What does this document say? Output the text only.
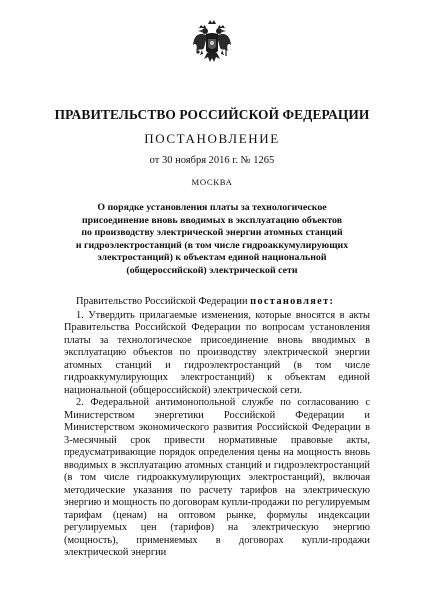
ПРАВИТЕЛЬСТВО РОССИЙСКОЙ ФЕДЕРАЦИИ
ПОСТАНОВЛЕНИЕ
от 30 ноября 2016 г. № 1265
МОСКВА
О порядке установления платы за технологическое
присоединение вновь вводимых в эксплуатацию объектов
по производству электрической энергии атомных станций
и гидроэлектростанций (в том числе гидроаккумулирующих
электростанций) к объектам единой национальной
(общероссийской) электрической сети

Правительство Российской Федерации постановляет:

1. Утвердить прилагаемые изменения, которые вносятся в акты Правительства Российской Федерации по вопросам установления платы за технологическое присоединение вновь вводимых в эксплуатацию объектов по производству электрической энергии атомных станций и гидроэлектростанций (в том числе гидроаккумулирующих электростанций) к объектам единой национальной (общероссийской) электрической сети.

2. Федеральной антимонопольной службе по согласованию с Министерством энергетики Российской Федерации и Министерством экономического развития Российской Федерации в 3-месячный срок привести нормативные правовые акты, предусматривающие порядок определения цены на мощность вновь вводимых в эксплуатацию атомных станций и гидроэлектростанций (в том числе гидроаккумулирующих электростанций), включая методические указания по расчету тарифов на электрическую энергию и мощность по договорам купли-продажи по регулируемым тарифам (ценам) на оптовом рынке, формулы индексации регулируемых цен (тарифов) на электрическую энергию (мощность), применяемых в договорах купли-продажи электрической энергии
